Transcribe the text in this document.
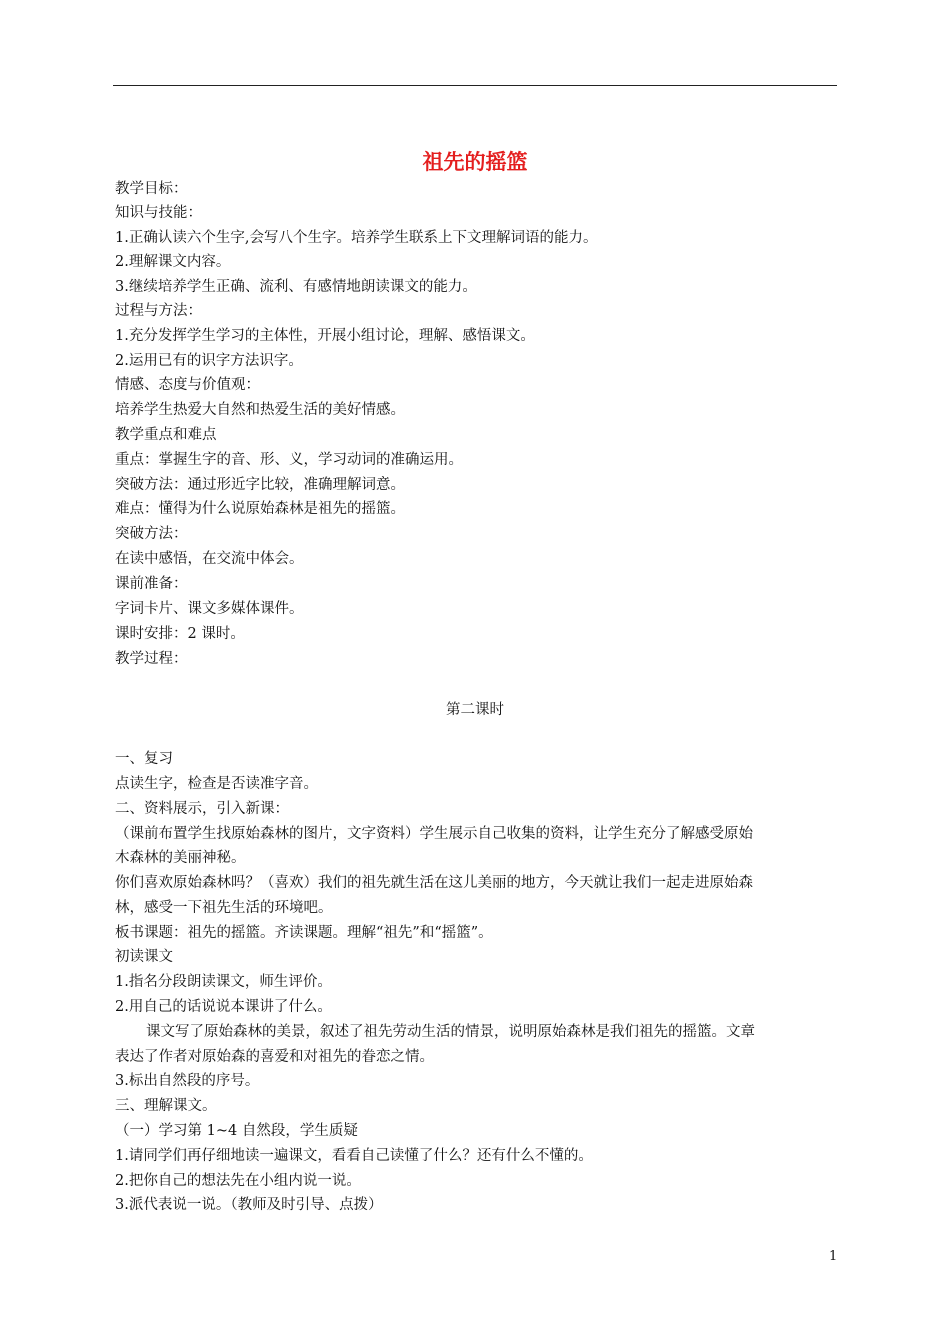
祖先的摇篮
教学目标：
知识与技能：
1.正确认读六个生字,会写八个生字。培养学生联系上下文理解词语的能力。
2.理解课文内容。
3.继续培养学生正确、流利、有感情地朗读课文的能力。
过程与方法：
1.充分发挥学生学习的主体性，开展小组讨论，理解、感悟课文。
2.运用已有的识字方法识字。
情感、态度与价值观：
培养学生热爱大自然和热爱生活的美好情感。
教学重点和难点
重点：掌握生字的音、形、义，学习动词的准确运用。
突破方法：通过形近字比较，准确理解词意。
难点：懂得为什么说原始森林是祖先的摇篮。
突破方法：
在读中感悟，在交流中体会。
课前准备：
字词卡片、课文多媒体课件。
课时安排：2 课时。
教学过程：
第二课时
一、复习
点读生字，检查是否读准字音。
二、资料展示，引入新课：
（课前布置学生找原始森林的图片，文字资料）学生展示自己收集的资料，让学生充分了解感受原始
木森林的美丽神秘。
你们喜欢原始森林吗？（喜欢）我们的祖先就生活在这儿美丽的地方，今天就让我们一起走进原始森
林，感受一下祖先生活的环境吧。
板书课题：祖先的摇篮。齐读课题。理解“祖先”和“摇篮”。
初读课文
1.指名分段朗读课文，师生评价。
2.用自己的话说说本课讲了什么。
课文写了原始森林的美景，叙述了祖先劳动生活的情景，说明原始森林是我们祖先的摇篮。文章
表达了作者对原始森的喜爱和对祖先的眷恋之情。
3.标出自然段的序号。
三、理解课文。
（一）学习第 1~4 自然段，学生质疑
1.请同学们再仔细地读一遍课文，看看自己读懂了什么？还有什么不懂的。
2.把你自己的想法先在小组内说一说。
3.派代表说一说。（教师及时引导、点拨）
1
